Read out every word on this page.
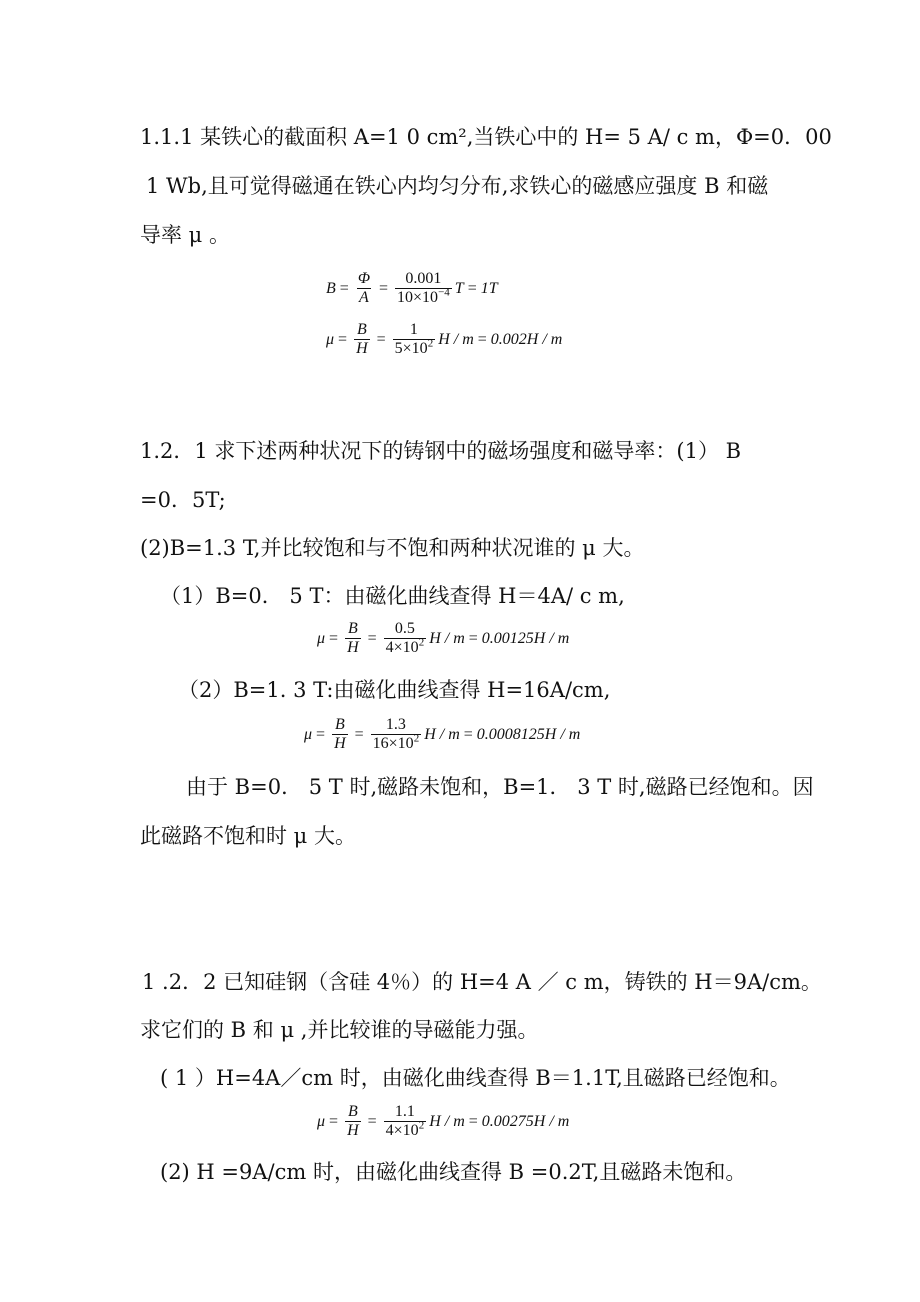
1.1.1 某铁心的截面积 A=1 0 cm²,当铁心中的 H= 5 A/ c m，Φ=0．00
1 Wb,且可觉得磁通在铁心内均匀分布,求铁心的磁感应强度 B 和磁
导率 μ 。
$B = \frac{\Phi}{A} = \frac{0.001}{10\times 10^{-4}}$ T = 1T
$\mu = \frac{B}{H} = \frac{1}{5\times 10^2}$ H / m = 0.002H / m
1.2．1 求下述两种状况下的铸钢中的磁场强度和磁导率：(1） B
=0．5T;
(2)B=1.3 T,并比较饱和与不饱和两种状况谁的 μ 大。
（1）B=0． 5 T：由磁化曲线查得 H＝4A/ c m,
$\mu = \frac{B}{H} = \frac{0.5}{4\times 10^2}$ H / m = 0.00125H / m
（2）B=1. 3 T:由磁化曲线查得 H=16A/cm,
$\mu = \frac{B}{H} = \frac{1.3}{16\times 10^2}$ H / m = 0.0008125H / m
由于 B=0． 5 T 时,磁路未饱和，B=1． 3 T 时,磁路已经饱和。因
此磁路不饱和时 μ 大。
1 .2．2 已知硅钢（含硅 4％）的 H=4 A ／ c m，铸铁的 H＝9A/cm。
求它们的 B 和 μ ,并比较谁的导磁能力强。
( 1 ）H=4A／cm 时，由磁化曲线查得 B＝1.1T,且磁路已经饱和。
$\mu = \frac{B}{H} = \frac{1.1}{4\times 10^2}$ H / m = 0.00275H / m
(2) H =9A/cm 时，由磁化曲线查得 B =0.2T,且磁路未饱和。
